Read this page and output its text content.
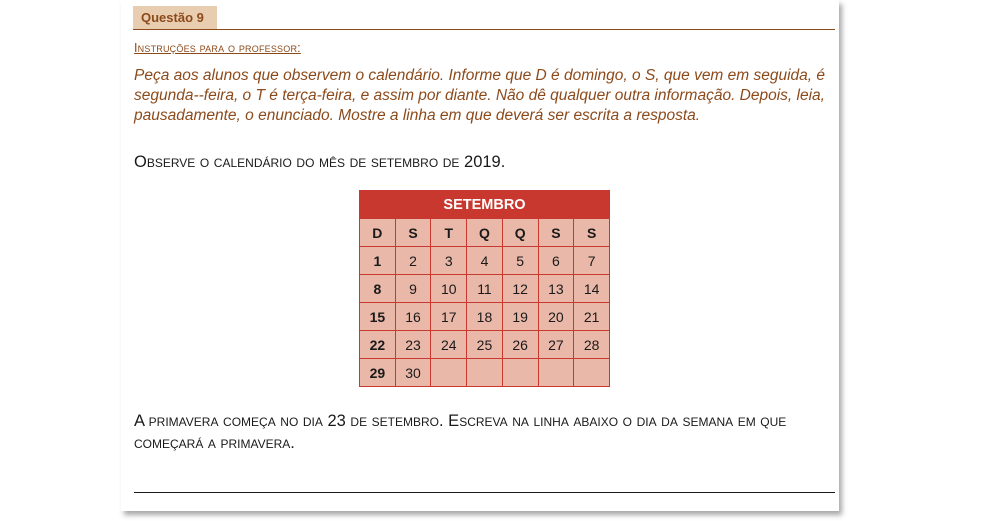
Questão 9
Instruções para o professor:
Peça aos alunos que observem o calendário. Informe que D é domingo, o S, que vem em seguida, é segunda--feira, o T é terça-feira, e assim por diante. Não dê qualquer outra informação. Depois, leia, pausadamente, o enunciado. Mostre a linha em que deverá ser escrita a resposta.
Observe o calendário do mês de setembro de 2019.
SETEMBRO						
D	S	T	Q	Q	S	S
1	2	3	4	5	6	7
8	9	10	11	12	13	14
15	16	17	18	19	20	21
22	23	24	25	26	27	28
29	30					
A primavera começa no dia 23 de setembro. Escreva na linha abaixo o dia da semana em que começará a primavera.
